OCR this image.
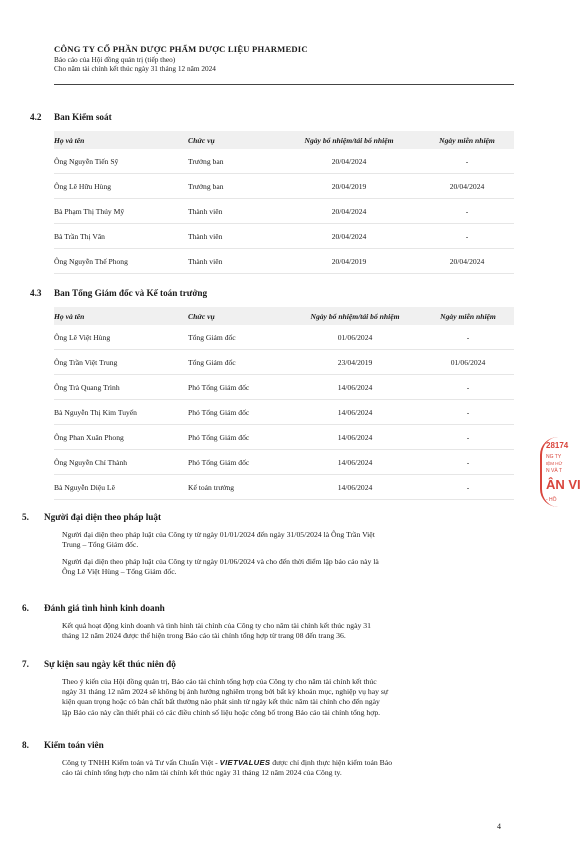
CÔNG TY CỔ PHẦN DƯỢC PHẨM DƯỢC LIỆU PHARMEDIC
Báo cáo của Hội đồng quản trị (tiếp theo)
Cho năm tài chính kết thúc ngày 31 tháng 12 năm 2024
4.2 Ban Kiểm soát
Họ và tên	Chức vụ	Ngày bổ nhiệm/tái bổ nhiệm	Ngày miễn nhiệm
Ông Nguyễn Tiến Sỹ	Trưởng ban	20/04/2024	-
Ông Lê Hữu Hùng	Trưởng ban	20/04/2019	20/04/2024
Bà Phạm Thị Thúy Mỹ	Thành viên	20/04/2024	-
Bà Trần Thị Vân	Thành viên	20/04/2024	-
Ông Nguyễn Thế Phong	Thành viên	20/04/2019	20/04/2024
4.3 Ban Tổng Giám đốc và Kế toán trưởng
Họ và tên	Chức vụ	Ngày bổ nhiệm/tái bổ nhiệm	Ngày miễn nhiệm
Ông Lê Việt Hùng	Tổng Giám đốc	01/06/2024	-
Ông Trần Việt Trung	Tổng Giám đốc	23/04/2019	01/06/2024
Ông Trà Quang Trình	Phó Tổng Giám đốc	14/06/2024	-
Bà Nguyễn Thị Kim Tuyến	Phó Tổng Giám đốc	14/06/2024	-
Ông Phan Xuân Phong	Phó Tổng Giám đốc	14/06/2024	-
Ông Nguyễn Chí Thành	Phó Tổng Giám đốc	14/06/2024	-
Bà Nguyễn Diệu Lê	Kế toán trưởng	14/06/2024	-
5. Người đại diện theo pháp luật
Người đại diện theo pháp luật của Công ty từ ngày 01/01/2024 đến ngày 31/05/2024 là Ông Trần Việt
Trung – Tổng Giám đốc.
Người đại diện theo pháp luật của Công ty từ ngày 01/06/2024 và cho đến thời điểm lập báo cáo này là
Ông Lê Việt Hùng – Tổng Giám đốc.
6. Đánh giá tình hình kinh doanh
Kết quả hoạt động kinh doanh và tình hình tài chính của Công ty cho năm tài chính kết thúc ngày 31
tháng 12 năm 2024 được thể hiện trong Báo cáo tài chính tổng hợp từ trang 08 đến trang 36.
7. Sự kiện sau ngày kết thúc niên độ
Theo ý kiến của Hội đồng quản trị, Báo cáo tài chính tổng hợp của Công ty cho năm tài chính kết thúc
ngày 31 tháng 12 năm 2024 sẽ không bị ảnh hưởng nghiêm trọng bởi bất kỳ khoản mục, nghiệp vụ hay sự
kiện quan trọng hoặc có bản chất bất thường nào phát sinh từ ngày kết thúc năm tài chính cho đến ngày
lập Báo cáo này cần thiết phải có các điều chỉnh số liệu hoặc công bố trong Báo cáo tài chính tổng hợp.
8. Kiểm toán viên
Công ty TNHH Kiểm toán và Tư vấn Chuẩn Việt - VIETVALUES được chỉ định thực hiện kiểm toán Báo
cáo tài chính tổng hợp cho năm tài chính kết thúc ngày 31 tháng 12 năm 2024 của Công ty.
4
28174
NG TY
IỆM HỮ
N VÀ T
ÂN VI
- HỒ
